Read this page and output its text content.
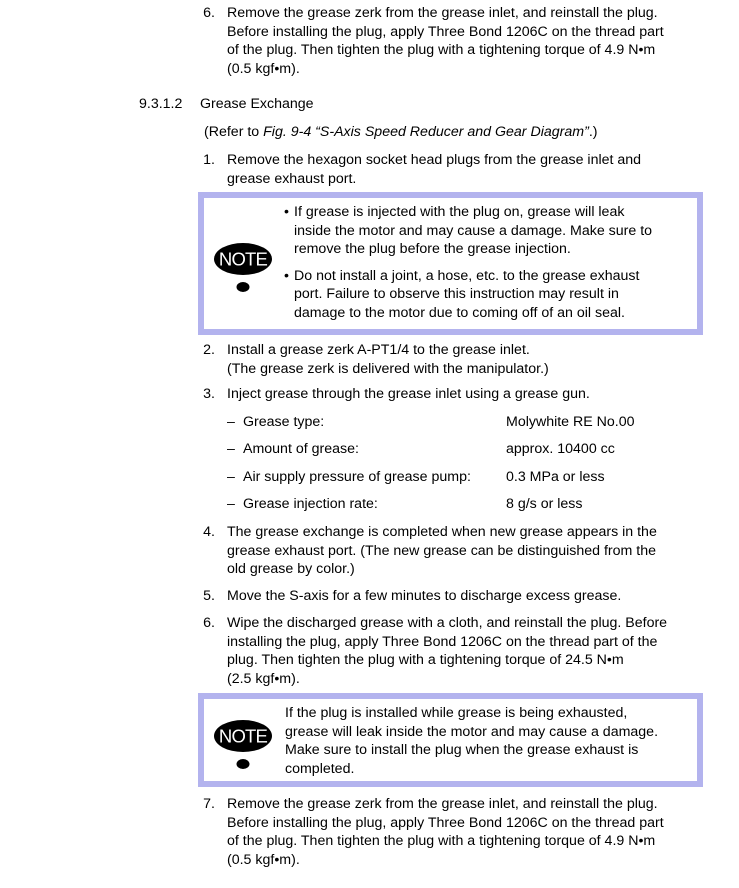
6. Remove the grease zerk from the grease inlet, and reinstall the plug.
Before installing the plug, apply Three Bond 1206C on the thread part
of the plug. Then tighten the plug with a tightening torque of 4.9 N•m
(0.5 kgf•m).
9.3.1.2 Grease Exchange
(Refer to Fig. 9-4 “S-Axis Speed Reducer and Gear Diagram”.)
1. Remove the hexagon socket head plugs from the grease inlet and
grease exhaust port.
NOTE
• If grease is injected with the plug on, grease will leak
inside the motor and may cause a damage. Make sure to
remove the plug before the grease injection.
• Do not install a joint, a hose, etc. to the grease exhaust
port. Failure to observe this instruction may result in
damage to the motor due to coming off of an oil seal.
2. Install a grease zerk A-PT1/4 to the grease inlet.
(The grease zerk is delivered with the manipulator.)
3. Inject grease through the grease inlet using a grease gun.
– Grease type:	Molywhite RE No.00
– Amount of grease:	approx. 10400 cc
– Air supply pressure of grease pump: 0.3 MPa or less
– Grease injection rate:	8 g/s or less
4. The grease exchange is completed when new grease appears in the
grease exhaust port. (The new grease can be distinguished from the
old grease by color.)
5. Move the S-axis for a few minutes to discharge excess grease.
6. Wipe the discharged grease with a cloth, and reinstall the plug. Before
installing the plug, apply Three Bond 1206C on the thread part of the
plug. Then tighten the plug with a tightening torque of 24.5 N•m
(2.5 kgf•m).
NOTE
If the plug is installed while grease is being exhausted,
grease will leak inside the motor and may cause a damage.
Make sure to install the plug when the grease exhaust is
completed.
7. Remove the grease zerk from the grease inlet, and reinstall the plug.
Before installing the plug, apply Three Bond 1206C on the thread part
of the plug. Then tighten the plug with a tightening torque of 4.9 N•m
(0.5 kgf•m).
